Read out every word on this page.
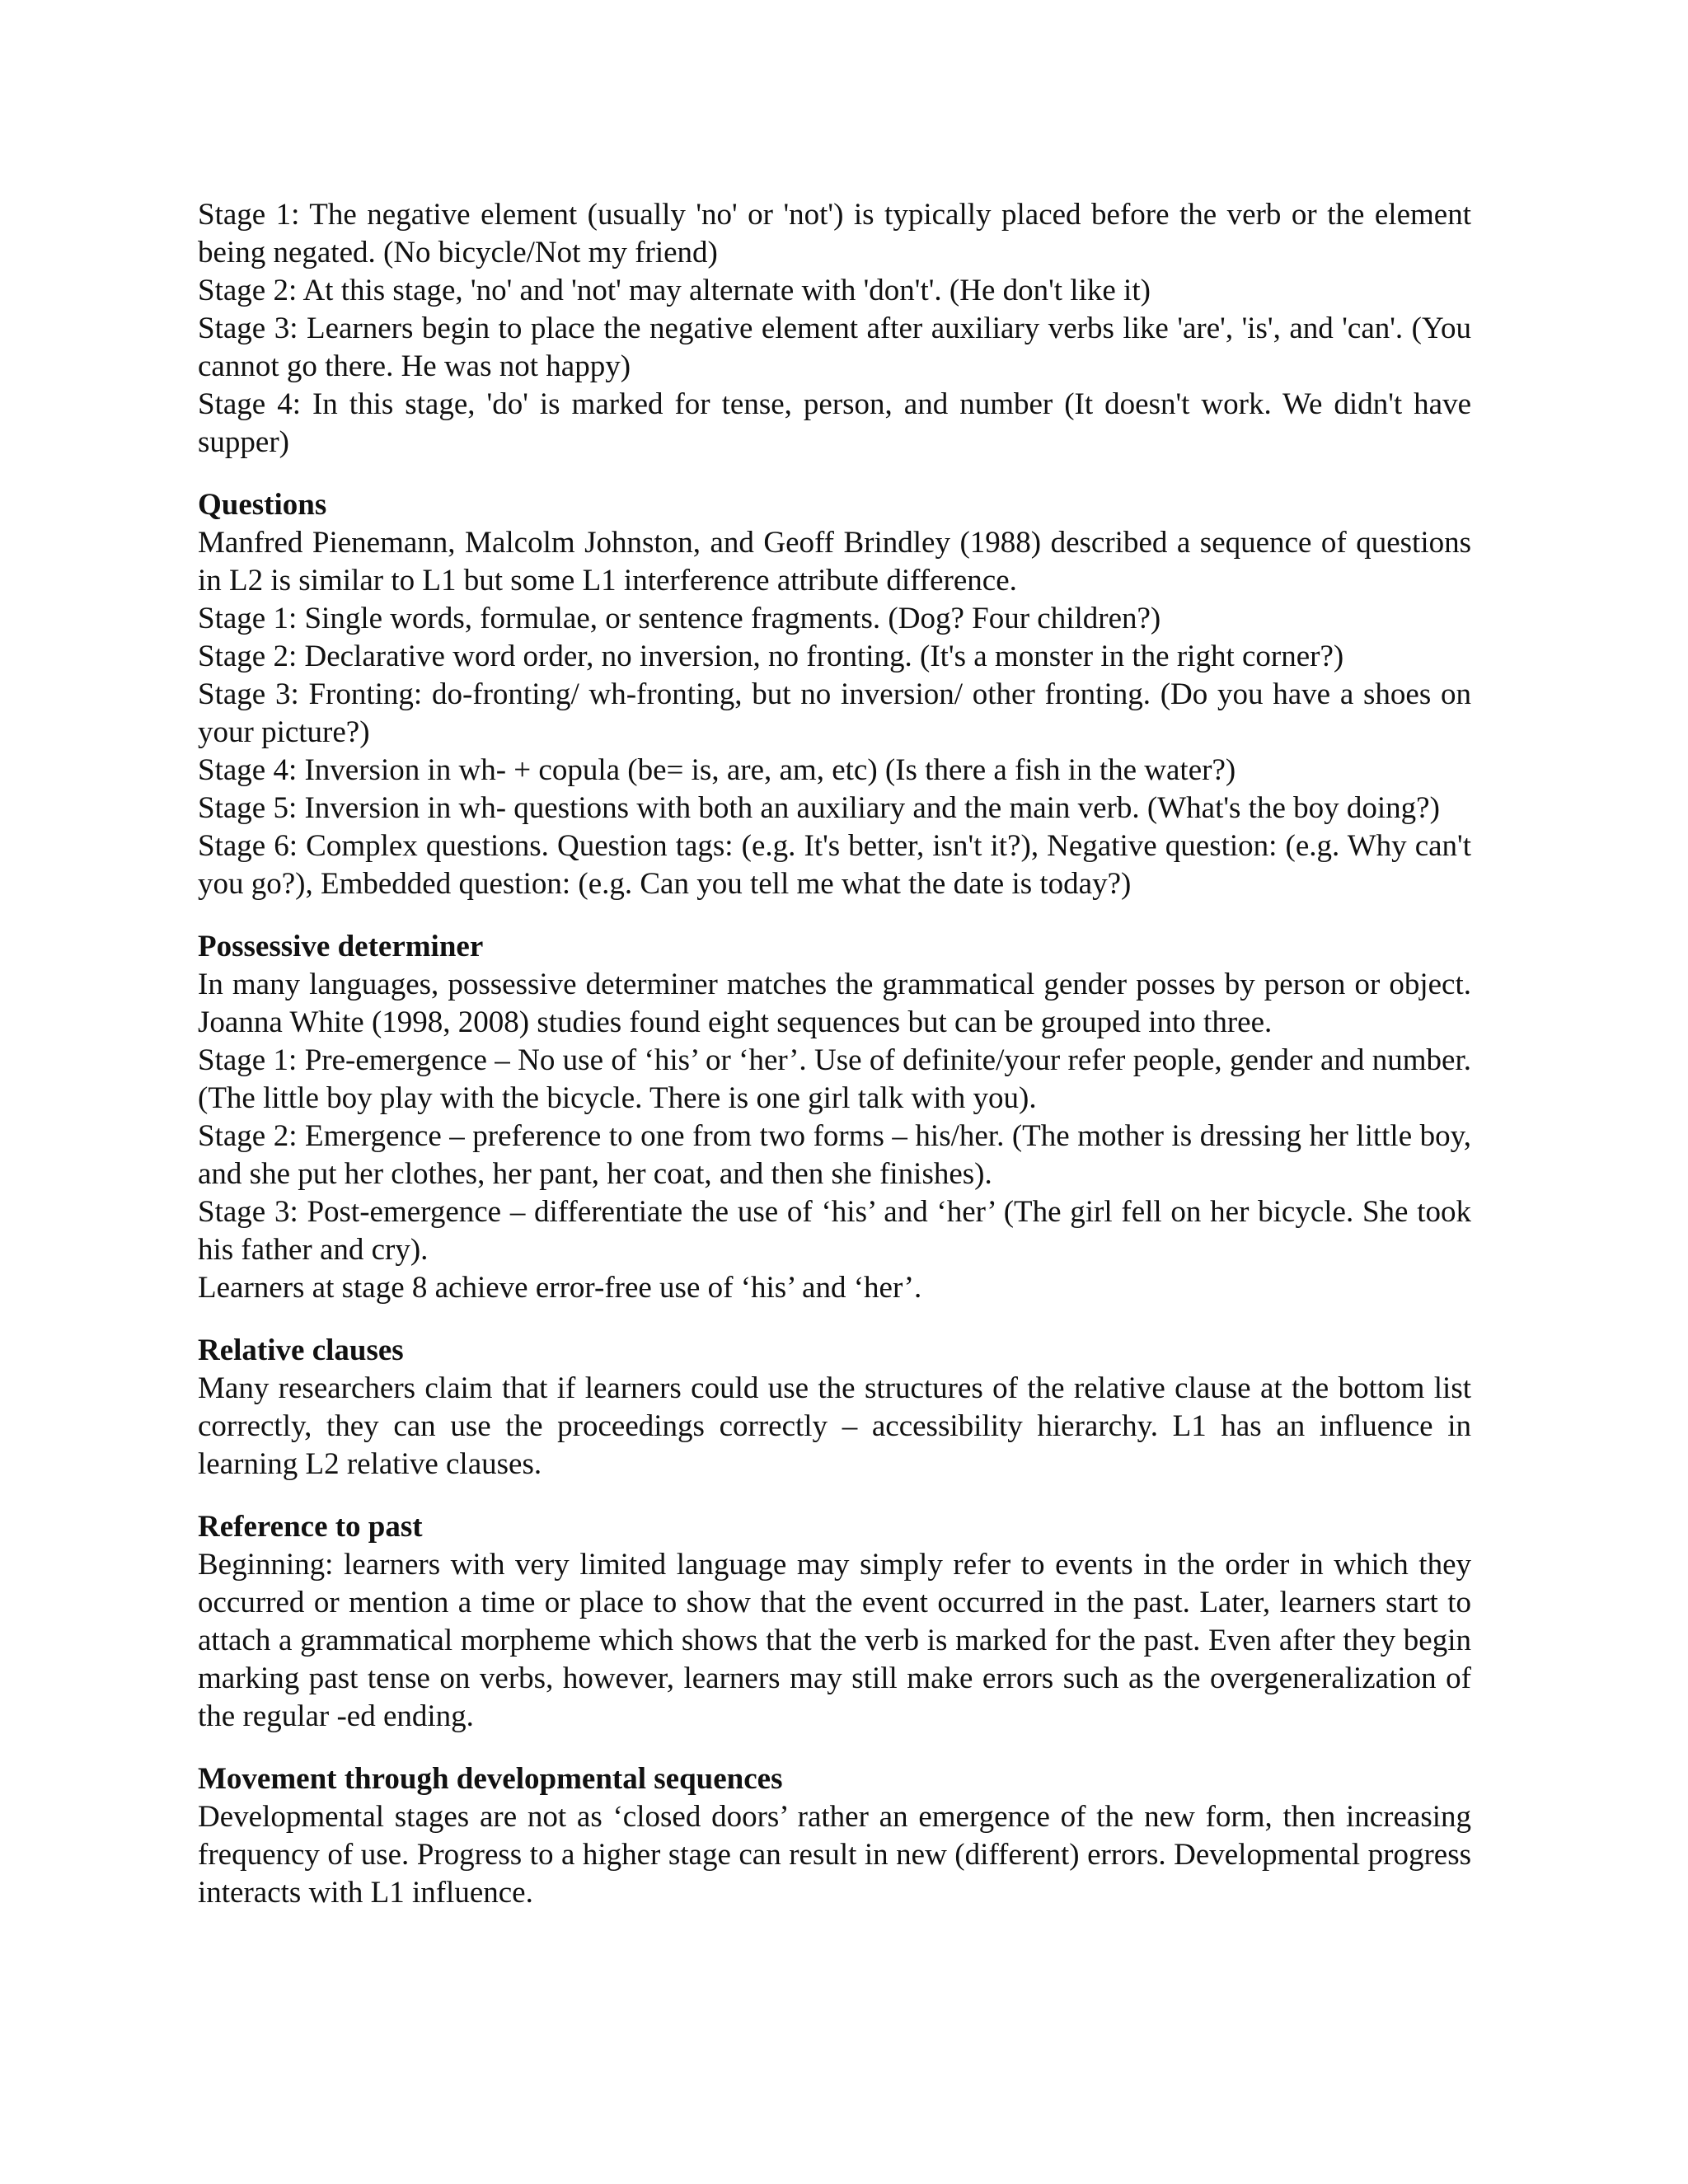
Stage 1: The negative element (usually 'no' or 'not') is typically placed before the verb or the element being negated. (No bicycle/Not my friend)

Stage 2: At this stage, 'no' and 'not' may alternate with 'don't'. (He don't like it)

Stage 3: Learners begin to place the negative element after auxiliary verbs like 'are', 'is', and 'can'. (You cannot go there. He was not happy)

Stage 4: In this stage, 'do' is marked for tense, person, and number (It doesn't work. We didn't have supper)

Questions

Manfred Pienemann, Malcolm Johnston, and Geoff Brindley (1988) described a sequence of questions in L2 is similar to L1 but some L1 interference attribute difference.

Stage 1: Single words, formulae, or sentence fragments. (Dog? Four children?)

Stage 2: Declarative word order, no inversion, no fronting. (It's a monster in the right corner?)

Stage 3: Fronting: do-fronting/ wh-fronting, but no inversion/ other fronting. (Do you have a shoes on your picture?)

Stage 4: Inversion in wh- + copula (be= is, are, am, etc) (Is there a fish in the water?)

Stage 5: Inversion in wh- questions with both an auxiliary and the main verb. (What's the boy doing?)

Stage 6: Complex questions. Question tags: (e.g. It's better, isn't it?), Negative question: (e.g. Why can't you go?), Embedded question: (e.g. Can you tell me what the date is today?)

Possessive determiner

In many languages, possessive determiner matches the grammatical gender posses by person or object. Joanna White (1998, 2008) studies found eight sequences but can be grouped into three.

Stage 1: Pre-emergence – No use of ‘his’ or ‘her’. Use of definite/your refer people, gender and number. (The little boy play with the bicycle. There is one girl talk with you).

Stage 2: Emergence – preference to one from two forms – his/her. (The mother is dressing her little boy, and she put her clothes, her pant, her coat, and then she finishes).

Stage 3: Post-emergence – differentiate the use of ‘his’ and ‘her’ (The girl fell on her bicycle. She took his father and cry).

Learners at stage 8 achieve error-free use of ‘his’ and ‘her’.

Relative clauses

Many researchers claim that if learners could use the structures of the relative clause at the bottom list correctly, they can use the proceedings correctly – accessibility hierarchy. L1 has an influence in learning L2 relative clauses.

Reference to past

Beginning: learners with very limited language may simply refer to events in the order in which they occurred or mention a time or place to show that the event occurred in the past. Later, learners start to attach a grammatical morpheme which shows that the verb is marked for the past. Even after they begin marking past tense on verbs, however, learners may still make errors such as the overgeneralization of the regular -ed ending.

Movement through developmental sequences

Developmental stages are not as ‘closed doors’ rather an emergence of the new form, then increasing frequency of use. Progress to a higher stage can result in new (different) errors. Developmental progress interacts with L1 influence.
